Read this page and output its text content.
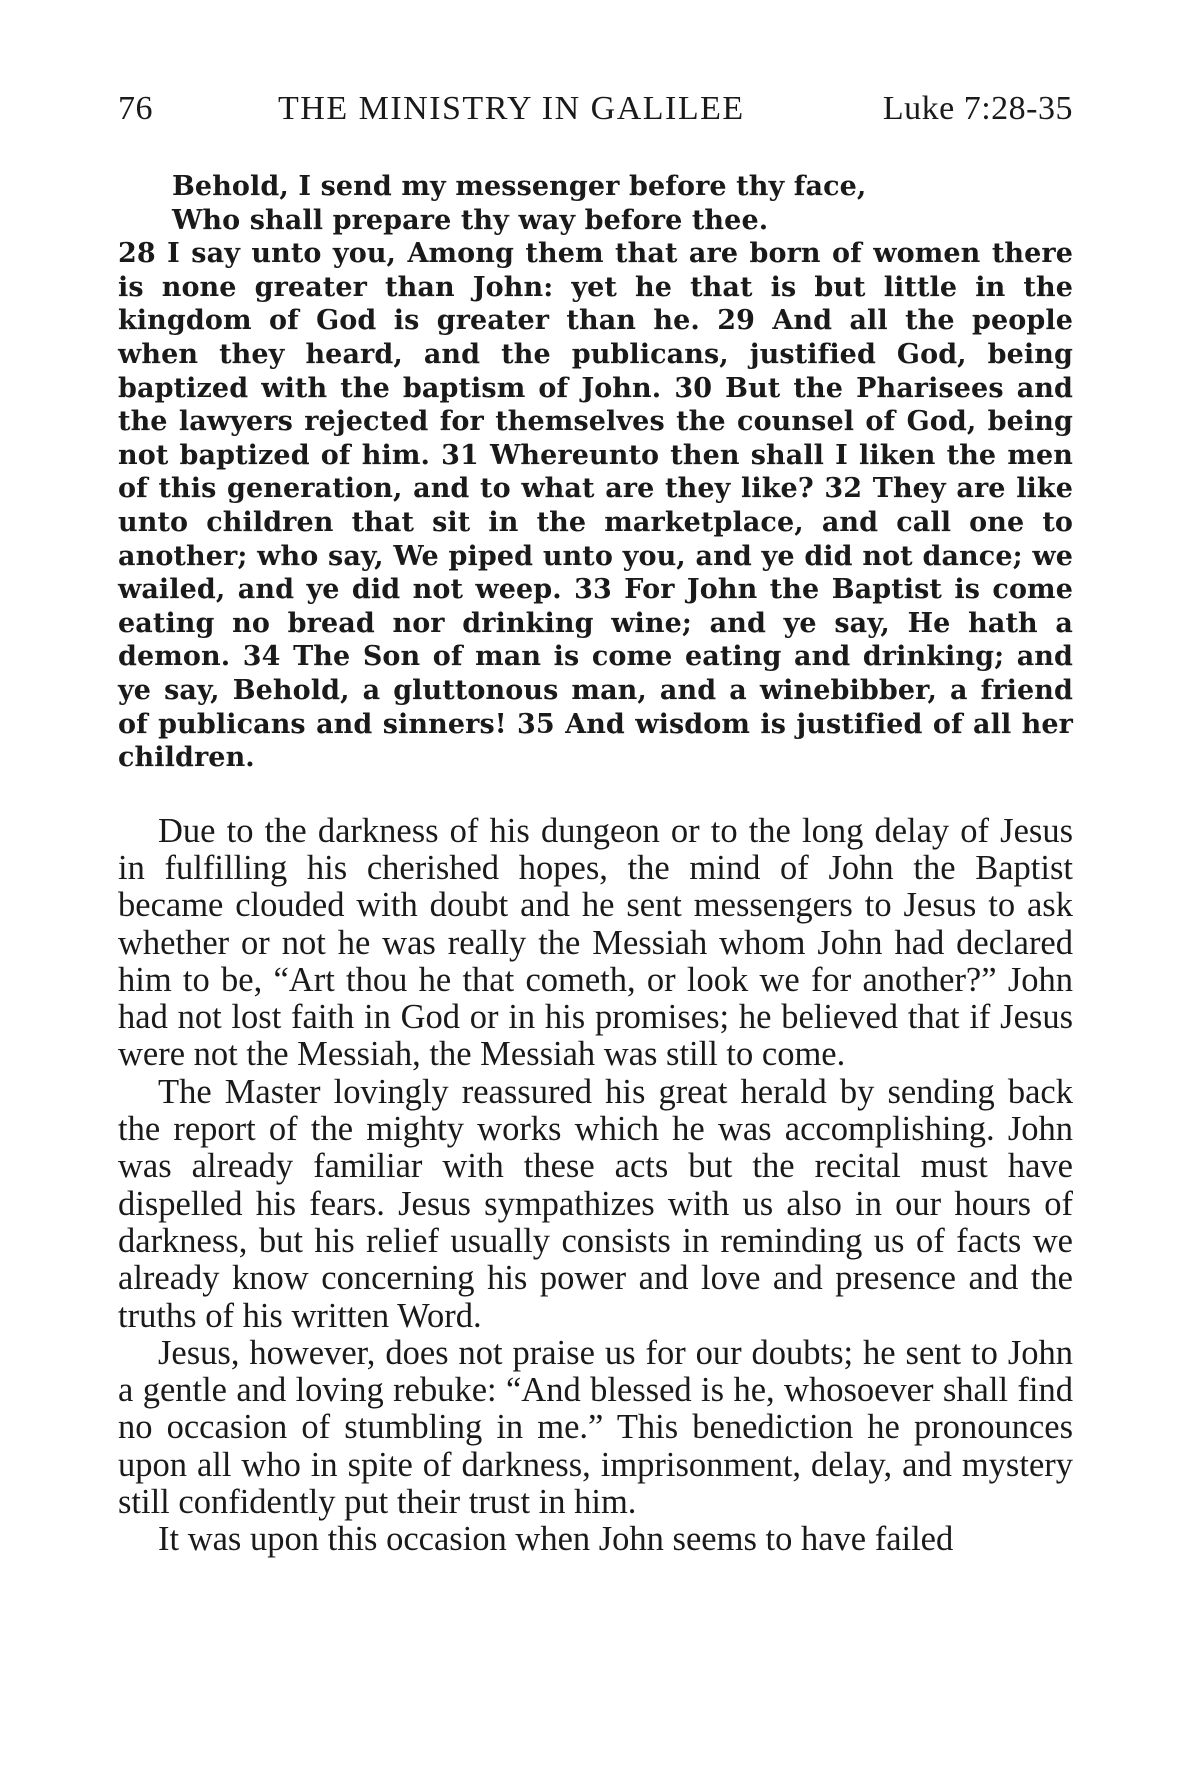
76	THE MINISTRY IN GALILEE	Luke 7:28-35
Behold, I send my messenger before thy face,
Who shall prepare thy way before thee.
28 I say unto you, Among them that are born of women there is none greater than John: yet he that is but little in the kingdom of God is greater than he. 29 And all the people when they heard, and the publicans, justified God, being baptized with the baptism of John. 30 But the Pharisees and the lawyers rejected for themselves the counsel of God, being not baptized of him. 31 Whereunto then shall I liken the men of this generation, and to what are they like? 32 They are like unto children that sit in the marketplace, and call one to another; who say, We piped unto you, and ye did not dance; we wailed, and ye did not weep. 33 For John the Baptist is come eating no bread nor drinking wine; and ye say, He hath a demon. 34 The Son of man is come eating and drinking; and ye say, Behold, a gluttonous man, and a winebibber, a friend of publicans and sinners! 35 And wisdom is justified of all her children.

Due to the darkness of his dungeon or to the long delay of Jesus in fulfilling his cherished hopes, the mind of John the Baptist became clouded with doubt and he sent messengers to Jesus to ask whether or not he was really the Messiah whom John had declared him to be, “Art thou he that cometh, or look we for another?” John had not lost faith in God or in his promises; he believed that if Jesus were not the Messiah, the Messiah was still to come.

The Master lovingly reassured his great herald by sending back the report of the mighty works which he was accomplishing. John was already familiar with these acts but the recital must have dispelled his fears. Jesus sympathizes with us also in our hours of darkness, but his relief usually consists in reminding us of facts we already know concerning his power and love and presence and the truths of his written Word.

Jesus, however, does not praise us for our doubts; he sent to John a gentle and loving rebuke: “And blessed is he, whosoever shall find no occasion of stumbling in me.” This benediction he pronounces upon all who in spite of darkness, imprisonment, delay, and mystery still confidently put their trust in him.

It was upon this occasion when John seems to have failed
